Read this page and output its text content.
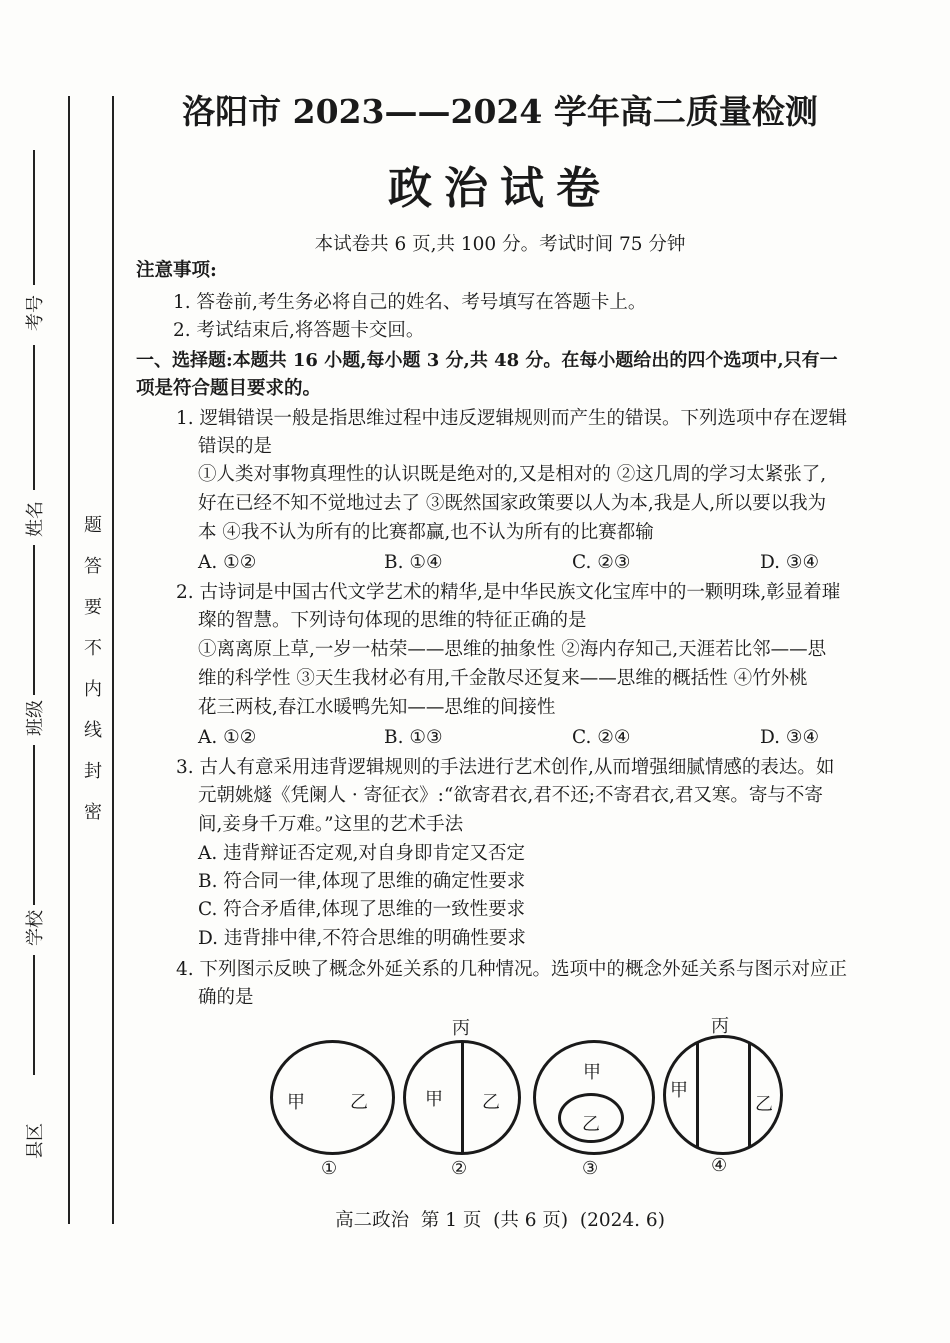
考号
姓名
班级
学校
县区
题
答
要
不
内
线
封
密
洛阳市 2023——2024 学年高二质量检测
政治试卷
本试卷共 6 页,共 100 分。考试时间 75 分钟
注意事项:
1. 答卷前,考生务必将自己的姓名、考号填写在答题卡上。
2. 考试结束后,将答题卡交回。
一、选择题:本题共 16 小题,每小题 3 分,共 48 分。在每小题给出的四个选项中,只有一
项是符合题目要求的。
1. 逻辑错误一般是指思维过程中违反逻辑规则而产生的错误。下列选项中存在逻辑
错误的是
①人类对事物真理性的认识既是绝对的,又是相对的 ②这几周的学习太紧张了,
好在已经不知不觉地过去了 ③既然国家政策要以人为本,我是人,所以要以我为
本 ④我不认为所有的比赛都赢,也不认为所有的比赛都输
A. ①②	B. ①④	C. ②③	D. ③④
2. 古诗词是中国古代文学艺术的精华,是中华民族文化宝库中的一颗明珠,彰显着璀
璨的智慧。下列诗句体现的思维的特征正确的是
①离离原上草,一岁一枯荣——思维的抽象性 ②海内存知己,天涯若比邻——思
维的科学性 ③天生我材必有用,千金散尽还复来——思维的概括性 ④竹外桃
花三两枝,春江水暖鸭先知——思维的间接性
A. ①②	B. ①③	C. ②④	D. ③④
3. 古人有意采用违背逻辑规则的手法进行艺术创作,从而增强细腻情感的表达。如
元朝姚燧《凭阑人 · 寄征衣》:“欲寄君衣,君不还;不寄君衣,君又寒。寄与不寄
间,妾身千万难。”这里的艺术手法
A. 违背辩证否定观,对自身即肯定又否定
B. 符合同一律,体现了思维的确定性要求
C. 符合矛盾律,体现了思维的一致性要求
D. 违背排中律,不符合思维的明确性要求
4. 下列图示反映了概念外延关系的几种情况。选项中的概念外延关系与图示对应正
确的是
甲	乙
①
丙
甲 乙
②
甲
乙
③
丙
甲
乙
④
高二政治  第 1 页  (共 6 页)  (2024. 6)
